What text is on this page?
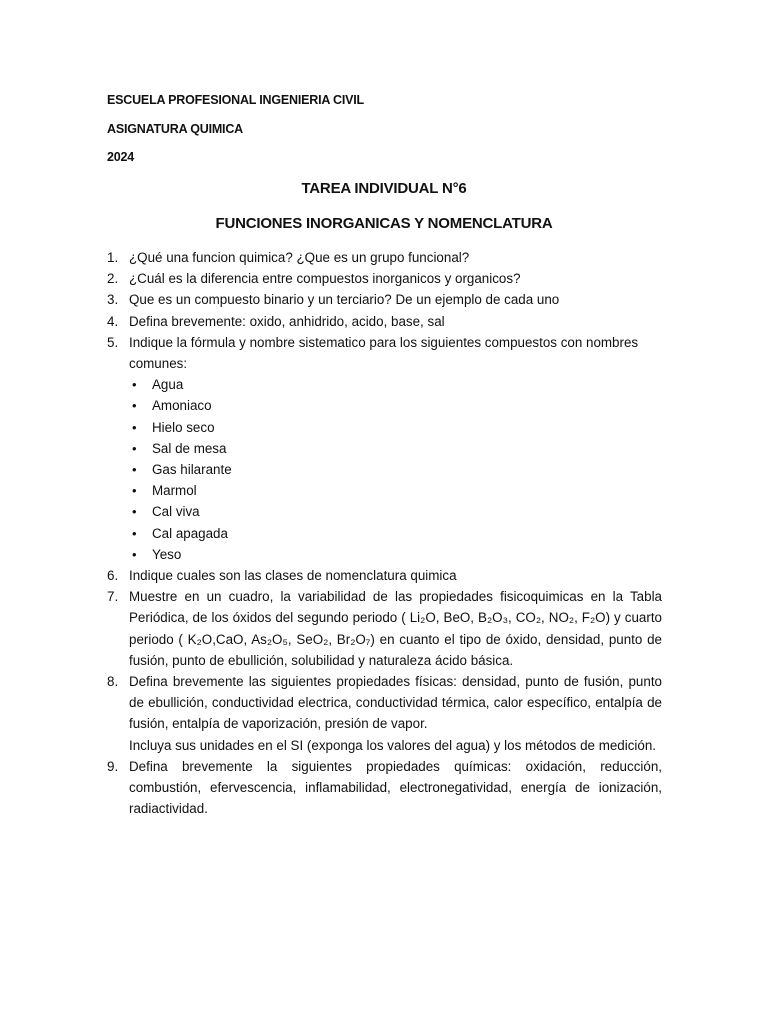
ESCUELA PROFESIONAL INGENIERIA CIVIL
ASIGNATURA QUIMICA
2024
TAREA INDIVIDUAL N°6
FUNCIONES INORGANICAS Y NOMENCLATURA
1. ¿Qué una funcion quimica? ¿Que es un grupo funcional?
2. ¿Cuál es la diferencia entre compuestos inorganicos y organicos?
3. Que es un compuesto binario y un terciario? De un ejemplo de cada uno
4. Defina brevemente: oxido, anhidrido, acido, base, sal
5. Indique la fórmula y nombre sistematico para los siguientes compuestos con nombres comunes:
• Agua
• Amoniaco
• Hielo seco
• Sal de mesa
• Gas hilarante
• Marmol
• Cal viva
• Cal apagada
• Yeso
6. Indique cuales son las clases de nomenclatura quimica
7. Muestre en un cuadro, la variabilidad de las propiedades fisicoquimicas en la Tabla Periódica, de los óxidos del segundo periodo ( Li₂O, BeO, B₂O₃, CO₂, NO₂, F₂O) y cuarto periodo ( K₂O,CaO, As₂O₅, SeO₂, Br₂O₇) en cuanto el tipo de óxido, densidad, punto de fusión, punto de ebullición, solubilidad y naturaleza ácido básica.
8. Defina brevemente las siguientes propiedades físicas: densidad, punto de fusión, punto de ebullición, conductividad electrica, conductividad térmica, calor específico, entalpía de fusión, entalpía de vaporización, presión de vapor.
Incluya sus unidades en el SI (exponga los valores del agua) y los métodos de medición.
9. Defina brevemente la siguientes propiedades químicas: oxidación, reducción, combustión, efervescencia, inflamabilidad, electronegatividad, energía de ionización, radiactividad.
